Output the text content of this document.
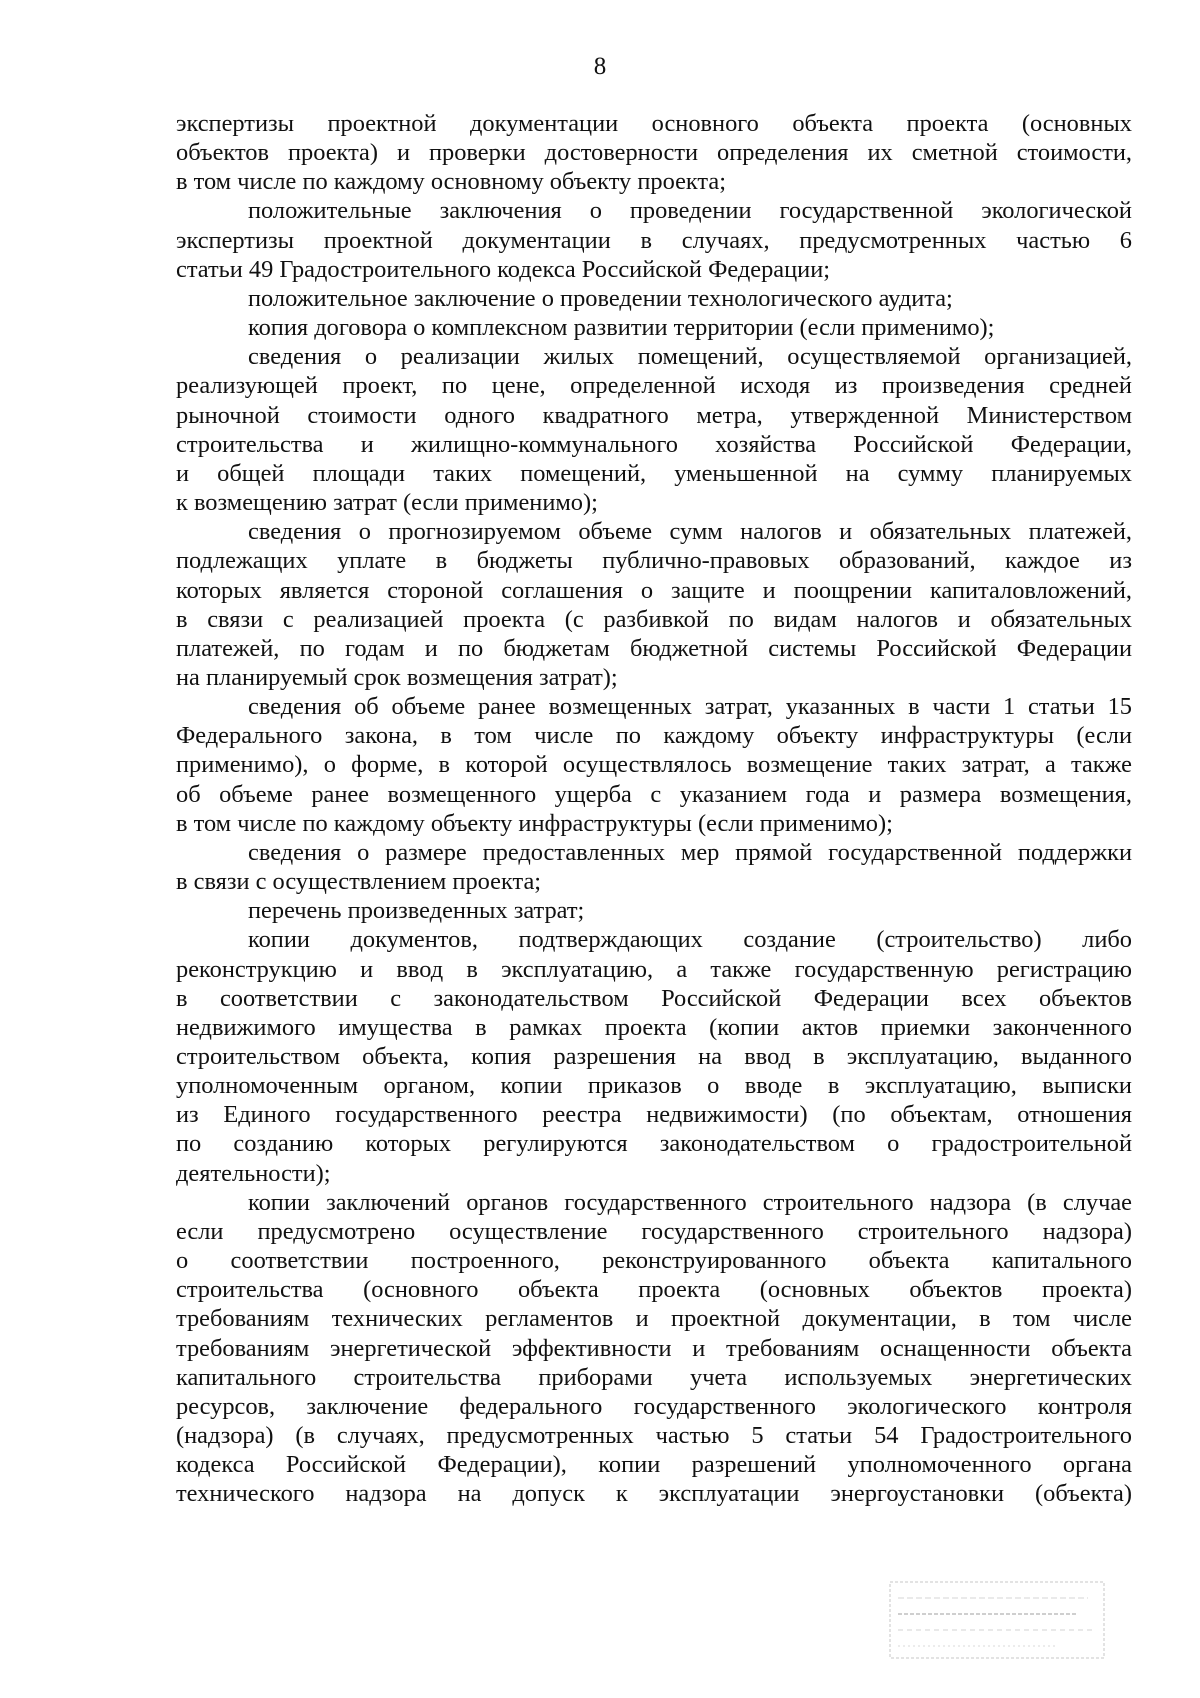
8
экспертизы проектной документации основного объекта проекта (основных
объектов проекта) и проверки достоверности определения их сметной стоимости,
в том числе по каждому основному объекту проекта;
положительные заключения о проведении государственной экологической
экспертизы проектной документации в случаях, предусмотренных частью 6
статьи 49 Градостроительного кодекса Российской Федерации;
положительное заключение о проведении технологического аудита;
копия договора о комплексном развитии территории (если применимо);
сведения о реализации жилых помещений, осуществляемой организацией,
реализующей проект, по цене, определенной исходя из произведения средней
рыночной стоимости одного квадратного метра, утвержденной Министерством
строительства и жилищно-коммунального хозяйства Российской Федерации,
и общей площади таких помещений, уменьшенной на сумму планируемых
к возмещению затрат (если применимо);
сведения о прогнозируемом объеме сумм налогов и обязательных платежей,
подлежащих уплате в бюджеты публично-правовых образований, каждое из
которых является стороной соглашения о защите и поощрении капиталовложений,
в связи с реализацией проекта (с разбивкой по видам налогов и обязательных
платежей, по годам и по бюджетам бюджетной системы Российской Федерации
на планируемый срок возмещения затрат);
сведения об объеме ранее возмещенных затрат, указанных в части 1 статьи 15
Федерального закона, в том числе по каждому объекту инфраструктуры (если
применимо), о форме, в которой осуществлялось возмещение таких затрат, а также
об объеме ранее возмещенного ущерба с указанием года и размера возмещения,
в том числе по каждому объекту инфраструктуры (если применимо);
сведения о размере предоставленных мер прямой государственной поддержки
в связи с осуществлением проекта;
перечень произведенных затрат;
копии документов, подтверждающих создание (строительство) либо
реконструкцию и ввод в эксплуатацию, а также государственную регистрацию
в соответствии с законодательством Российской Федерации всех объектов
недвижимого имущества в рамках проекта (копии актов приемки законченного
строительством объекта, копия разрешения на ввод в эксплуатацию, выданного
уполномоченным органом, копии приказов о вводе в эксплуатацию, выписки
из Единого государственного реестра недвижимости) (по объектам, отношения
по созданию которых регулируются законодательством о градостроительной
деятельности);
копии заключений органов государственного строительного надзора (в случае
если предусмотрено осуществление государственного строительного надзора)
о соответствии построенного, реконструированного объекта капитального
строительства (основного объекта проекта (основных объектов проекта)
требованиям технических регламентов и проектной документации, в том числе
требованиям энергетической эффективности и требованиям оснащенности объекта
капитального строительства приборами учета используемых энергетических
ресурсов, заключение федерального государственного экологического контроля
(надзора) (в случаях, предусмотренных частью 5 статьи 54 Градостроительного
кодекса Российской Федерации), копии разрешений уполномоченного органа
технического надзора на допуск к эксплуатации энергоустановки (объекта)
